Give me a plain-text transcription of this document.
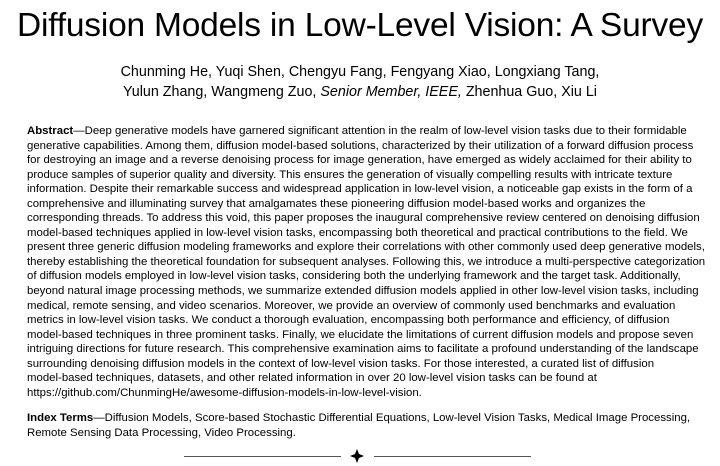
Diffusion Models in Low-Level Vision: A Survey
Chunming He, Yuqi Shen, Chengyu Fang, Fengyang Xiao, Longxiang Tang,
Yulun Zhang, Wangmeng Zuo, Senior Member, IEEE, Zhenhua Guo, Xiu Li
Abstract—Deep generative models have garnered significant attention in the realm of low-level vision tasks due to their formidable
generative capabilities. Among them, diffusion model-based solutions, characterized by their utilization of a forward diffusion process
for destroying an image and a reverse denoising process for image generation, have emerged as widely acclaimed for their ability to
produce samples of superior quality and diversity. This ensures the generation of visually compelling results with intricate texture
information. Despite their remarkable success and widespread application in low-level vision, a noticeable gap exists in the form of a
comprehensive and illuminating survey that amalgamates these pioneering diffusion model-based works and organizes the
corresponding threads. To address this void, this paper proposes the inaugural comprehensive review centered on denoising diffusion
model-based techniques applied in low-level vision tasks, encompassing both theoretical and practical contributions to the field. We
present three generic diffusion modeling frameworks and explore their correlations with other commonly used deep generative models,
thereby establishing the theoretical foundation for subsequent analyses. Following this, we introduce a multi-perspective categorization
of diffusion models employed in low-level vision tasks, considering both the underlying framework and the target task. Additionally,
beyond natural image processing methods, we summarize extended diffusion models applied in other low-level vision tasks, including
medical, remote sensing, and video scenarios. Moreover, we provide an overview of commonly used benchmarks and evaluation
metrics in low-level vision tasks. We conduct a thorough evaluation, encompassing both performance and efficiency, of diffusion
model-based techniques in three prominent tasks. Finally, we elucidate the limitations of current diffusion models and propose seven
intriguing directions for future research. This comprehensive examination aims to facilitate a profound understanding of the landscape
surrounding denoising diffusion models in the context of low-level vision tasks. For those interested, a curated list of diffusion
model-based techniques, datasets, and other related information in over 20 low-level vision tasks can be found at
https://github.com/ChunmingHe/awesome-diffusion-models-in-low-level-vision.
Index Terms—Diffusion Models, Score-based Stochastic Differential Equations, Low-level Vision Tasks, Medical Image Processing,
Remote Sensing Data Processing, Video Processing.
